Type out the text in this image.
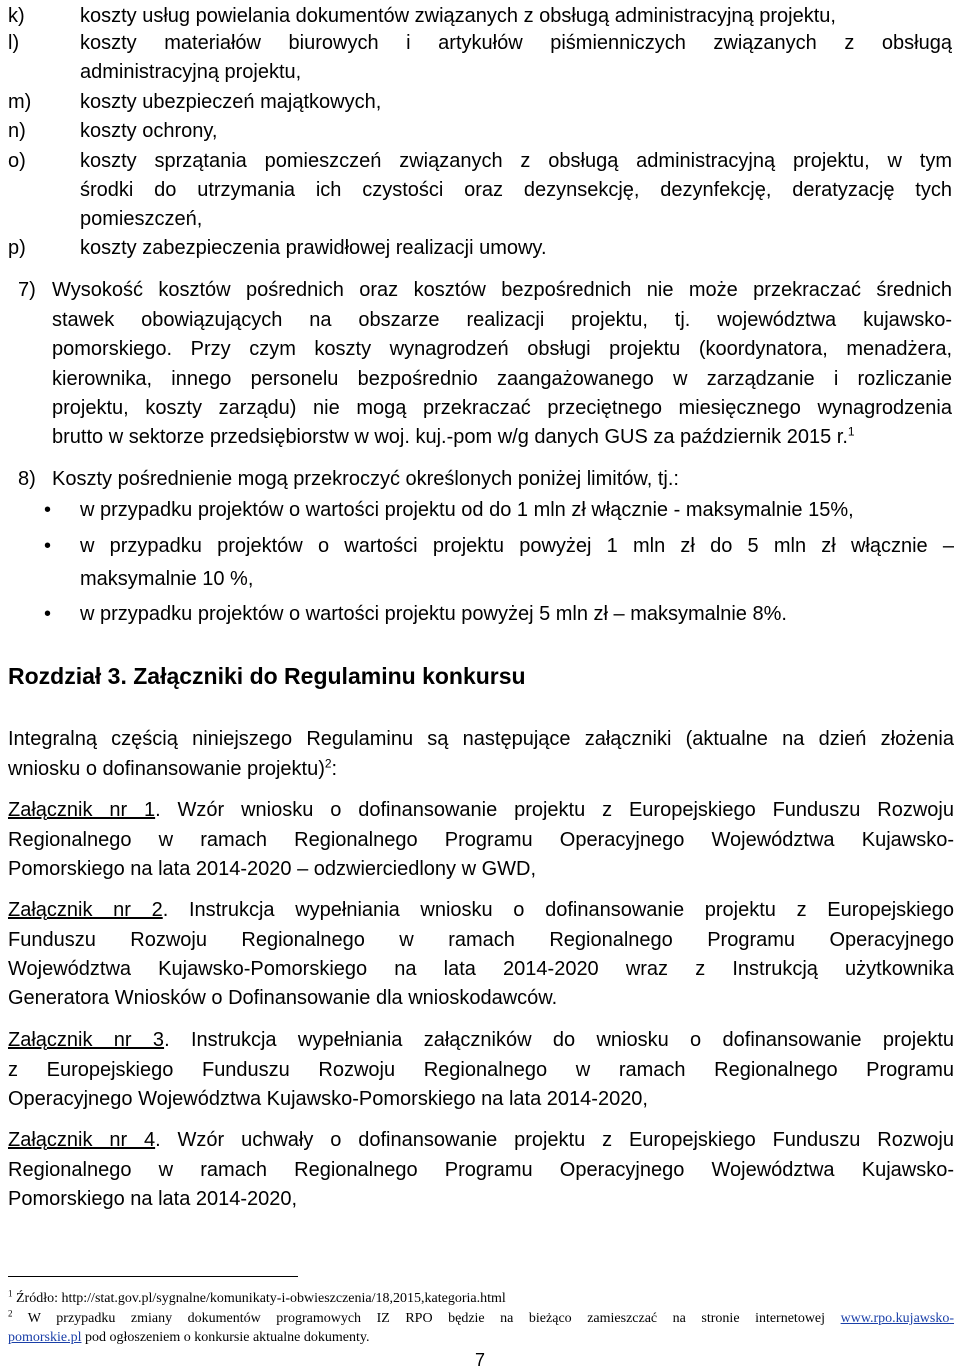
k)	koszty usług powielania dokumentów związanych z obsługą administracyjną projektu,
l)	koszty materiałów biurowych i artykułów piśmienniczych związanych z obsługą
administracyjną projektu,
m) koszty ubezpieczeń majątkowych,
n)	koszty ochrony,
o)	koszty sprzątania pomieszczeń związanych z obsługą administracyjną projektu, w tym
środki do utrzymania ich czystości oraz dezynsekcję, dezynfekcję, deratyzację tych
pomieszczeń,
p)	koszty zabezpieczenia prawidłowej realizacji umowy.
7) Wysokość kosztów pośrednich oraz kosztów bezpośrednich nie może przekraczać średnich
stawek obowiązujących na obszarze realizacji projektu, tj. województwa kujawsko-
pomorskiego. Przy czym koszty wynagrodzeń obsługi projektu (koordynatora, menadżera,
kierownika, innego personelu bezpośrednio zaangażowanego w zarządzanie i rozliczanie
projektu, koszty zarządu) nie mogą przekraczać przeciętnego miesięcznego wynagrodzenia
brutto w sektorze przedsiębiorstw w woj. kuj.-pom w/g danych GUS za październik 2015 r.$^1$
8) Koszty pośrednienie mogą przekroczyć określonych poniżej limitów, tj.:
• w przypadku projektów o wartości projektu od do 1 mln zł włącznie - maksymalnie 15%,
• w przypadku projektów o wartości projektu powyżej 1 mln zł do 5 mln zł włącznie –
maksymalnie 10 %,
• w przypadku projektów o wartości projektu powyżej 5 mln zł – maksymalnie 8%.
Rozdział 3. Załączniki do Regulaminu konkursu
Integralną częścią niniejszego Regulaminu są następujące załączniki (aktualne na dzień złożenia
wniosku o dofinansowanie projektu)$^2$:
Załącznik nr 1. Wzór wniosku o dofinansowanie projektu z Europejskiego Funduszu Rozwoju
Regionalnego w ramach Regionalnego Programu Operacyjnego Województwa Kujawsko-
Pomorskiego na lata 2014-2020 – odzwierciedlony w GWD,
Załącznik nr 2. Instrukcja wypełniania wniosku o dofinansowanie projektu z Europejskiego
Funduszu Rozwoju Regionalnego w ramach Regionalnego Programu Operacyjnego
Województwa Kujawsko-Pomorskiego na lata 2014-2020 wraz z Instrukcją użytkownika
Generatora Wniosków o Dofinansowanie dla wnioskodawców.
Załącznik nr 3. Instrukcja wypełniania załączników do wniosku o dofinansowanie projektu
z Europejskiego Funduszu Rozwoju Regionalnego w ramach Regionalnego Programu
Operacyjnego Województwa Kujawsko-Pomorskiego na lata 2014-2020,
Załącznik nr 4. Wzór uchwały o dofinansowanie projektu z Europejskiego Funduszu Rozwoju
Regionalnego w ramach Regionalnego Programu Operacyjnego Województwa Kujawsko-
Pomorskiego na lata 2014-2020,
$^1$ Źródło: http://stat.gov.pl/sygnalne/komunikaty-i-obwieszczenia/18,2015,kategoria.html
$^2$ W przypadku zmiany dokumentów programowych IZ RPO będzie na bieżąco zamieszczać na stronie internetowej www.rpo.kujawsko-
pomorskie.pl pod ogłoszeniem o konkursie aktualne dokumenty.
7
